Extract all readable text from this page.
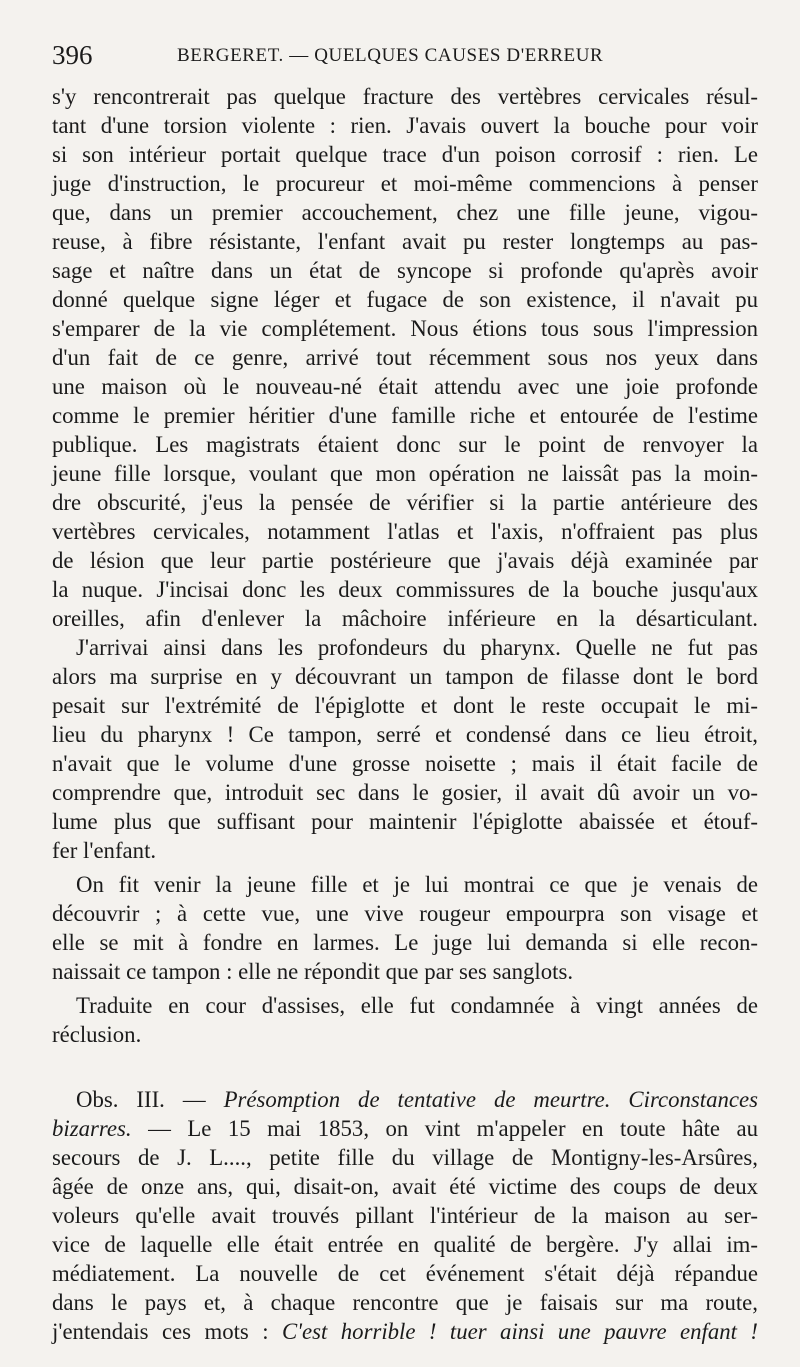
396	BERGERET. — QUELQUES CAUSES D'ERREUR
s'y rencontrerait pas quelque fracture des vertèbres cervicales résul-
tant d'une torsion violente : rien. J'avais ouvert la bouche pour voir
si son intérieur portait quelque trace d'un poison corrosif : rien. Le
juge d'instruction, le procureur et moi-même commencions à penser
que, dans un premier accouchement, chez une fille jeune, vigou-
reuse, à fibre résistante, l'enfant avait pu rester longtemps au pas-
sage et naître dans un état de syncope si profonde qu'après avoir
donné quelque signe léger et fugace de son existence, il n'avait pu
s'emparer de la vie complétement. Nous étions tous sous l'impression
d'un fait de ce genre, arrivé tout récemment sous nos yeux dans
une maison où le nouveau-né était attendu avec une joie profonde
comme le premier héritier d'une famille riche et entourée de l'estime
publique. Les magistrats étaient donc sur le point de renvoyer la
jeune fille lorsque, voulant que mon opération ne laissât pas la moin-
dre obscurité, j'eus la pensée de vérifier si la partie antérieure des
vertèbres cervicales, notamment l'atlas et l'axis, n'offraient pas plus
de lésion que leur partie postérieure que j'avais déjà examinée par
la nuque. J'incisai donc les deux commissures de la bouche jusqu'aux
oreilles, afin d'enlever la mâchoire inférieure en la désarticulant.
J'arrivai ainsi dans les profondeurs du pharynx. Quelle ne fut pas
alors ma surprise en y découvrant un tampon de filasse dont le bord
pesait sur l'extrémité de l'épiglotte et dont le reste occupait le mi-
lieu du pharynx ! Ce tampon, serré et condensé dans ce lieu étroit,
n'avait que le volume d'une grosse noisette ; mais il était facile de
comprendre que, introduit sec dans le gosier, il avait dû avoir un vo-
lume plus que suffisant pour maintenir l'épiglotte abaissée et étouf-
fer l'enfant.
On fit venir la jeune fille et je lui montrai ce que je venais de
découvrir ; à cette vue, une vive rougeur empourpra son visage et
elle se mit à fondre en larmes. Le juge lui demanda si elle recon-
naissait ce tampon : elle ne répondit que par ses sanglots.
Traduite en cour d'assises, elle fut condamnée à vingt années de
réclusion.
Obs. III. — Présomption de tentative de meurtre. Circonstances
bizarres. — Le 15 mai 1853, on vint m'appeler en toute hâte au
secours de J. L...., petite fille du village de Montigny-les-Arsûres,
âgée de onze ans, qui, disait-on, avait été victime des coups de deux
voleurs qu'elle avait trouvés pillant l'intérieur de la maison au ser-
vice de laquelle elle était entrée en qualité de bergère. J'y allai im-
médiatement. La nouvelle de cet événement s'était déjà répandue
dans le pays et, à chaque rencontre que je faisais sur ma route,
j'entendais ces mots : C'est horrible ! tuer ainsi une pauvre enfant !
